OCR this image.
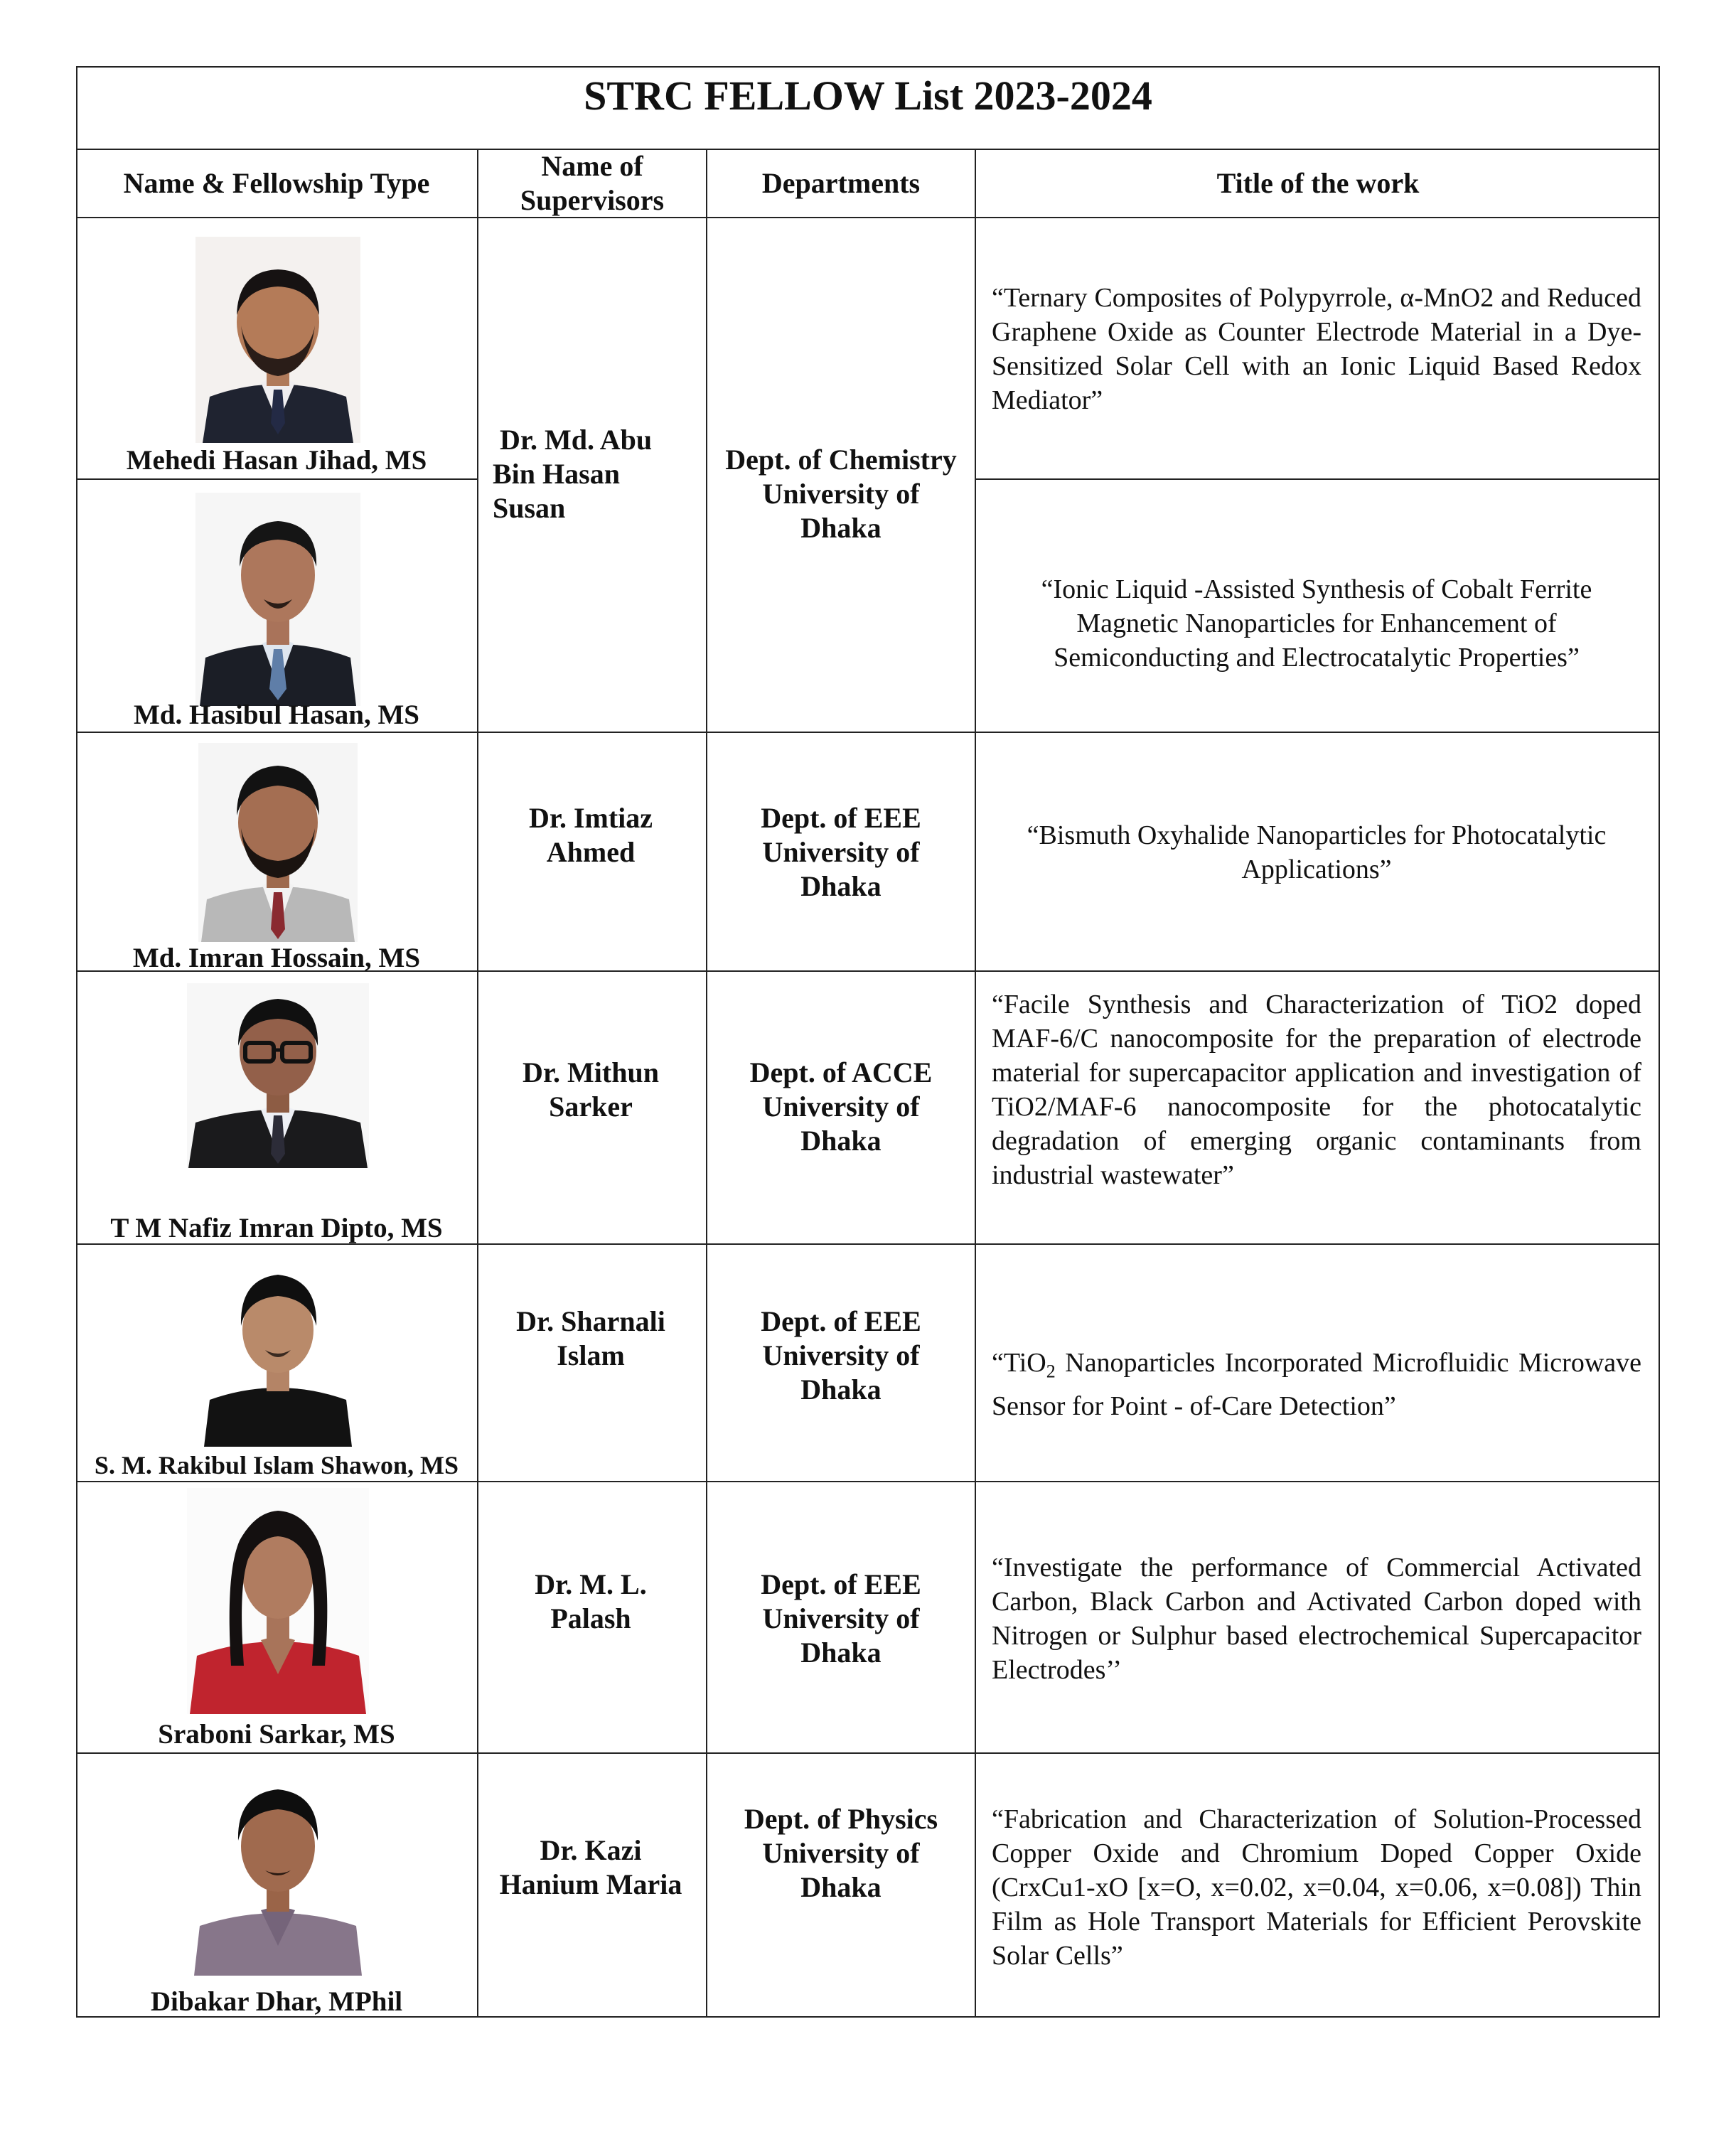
STRC FELLOW List 2023-2024
Name & Fellowship Type
Name of
Supervisors
Departments	Title of the work
Mehedi Hasan Jihad, MS
Md. Hasibul Hasan, MS
Dr. Md. Abu
Bin Hasan
Susan
Dept. of Chemistry
University of
Dhaka
“Ternary Composites of Polypyrrole, α-MnO2 and Reduced Graphene Oxide as Counter Electrode Material in a Dye-Sensitized Solar Cell with an Ionic Liquid Based Redox Mediator”
“Ionic Liquid -Assisted Synthesis of Cobalt Ferrite Magnetic Nanoparticles for Enhancement of Semiconducting and Electrocatalytic Properties”
Md. Imran Hossain, MS
Dr. Imtiaz
Ahmed
Dept. of EEE
University of
Dhaka
“Bismuth Oxyhalide Nanoparticles for Photocatalytic Applications”
T M Nafiz Imran Dipto, MS
Dr. Mithun
Sarker
Dept. of ACCE
University of
Dhaka
“Facile Synthesis and Characterization of TiO2 doped MAF-6/C nanocomposite for the preparation of electrode material for supercapacitor application and investigation of TiO2/MAF-6 nanocomposite for the photocatalytic degradation of emerging organic contaminants from industrial wastewater”
S. M. Rakibul Islam Shawon, MS
Dr. Sharnali
Islam
Dept. of EEE
University of
Dhaka
“TiO$_2$ Nanoparticles Incorporated Microfluidic Microwave Sensor for Point - of-Care Detection”
Sraboni Sarkar, MS
Dr. M. L.
Palash
Dept. of EEE
University of
Dhaka
“Investigate the performance of Commercial Activated Carbon, Black Carbon and Activated Carbon doped with Nitrogen or Sulphur based electrochemical Supercapacitor Electrodes’’
Dibakar Dhar, MPhil
Dr. Kazi
Hanium Maria
Dept. of Physics
University of
Dhaka
“Fabrication and Characterization of Solution-Processed Copper Oxide and Chromium Doped Copper Oxide (CrxCu1-xO [x=O, x=0.02, x=0.04, x=0.06, x=0.08]) Thin Film as Hole Transport Materials for Efficient Perovskite Solar Cells”
